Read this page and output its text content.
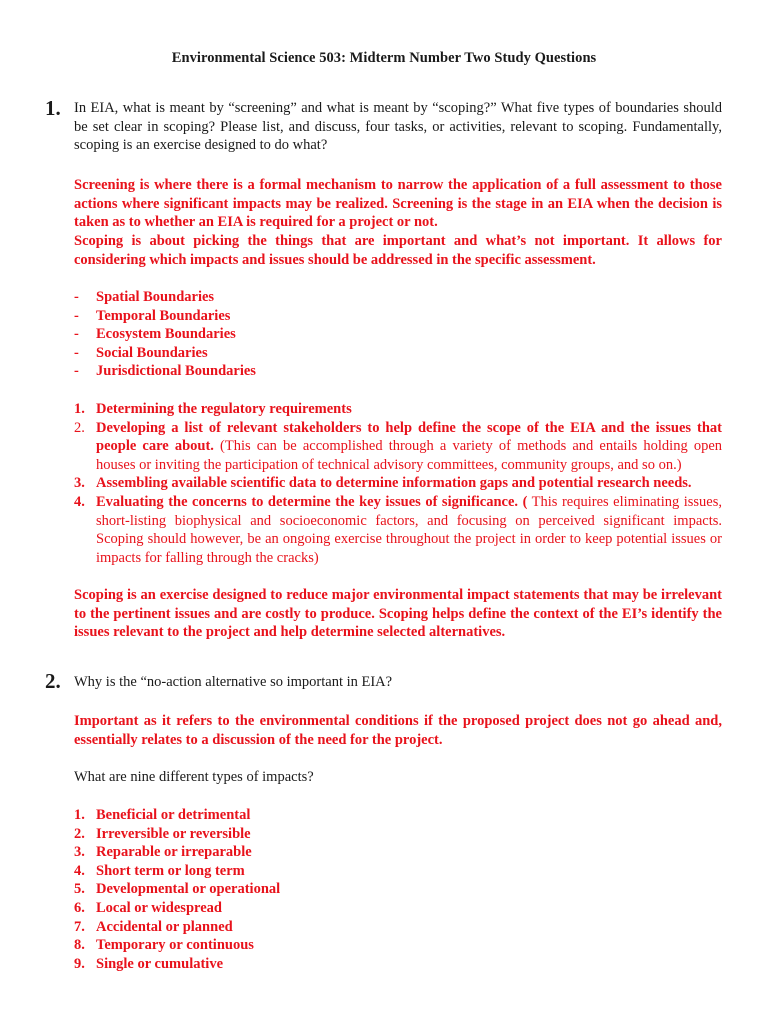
Environmental Science 503: Midterm Number Two Study Questions
1. In EIA, what is meant by “screening” and what is meant by “scoping?” What five types of boundaries should be set clear in scoping? Please list, and discuss, four tasks, or activities, relevant to scoping. Fundamentally, scoping is an exercise designed to do what?
Screening is where there is a formal mechanism to narrow the application of a full assessment to those actions where significant impacts may be realized. Screening is the stage in an EIA when the decision is taken as to whether an EIA is required for a project or not.
Scoping is about picking the things that are important and what’s not important. It allows for considering which impacts and issues should be addressed in the specific assessment.
-	Spatial Boundaries
-	Temporal Boundaries
-	Ecosystem Boundaries
-	Social Boundaries
-	Jurisdictional Boundaries
1. Determining the regulatory requirements
2. Developing a list of relevant stakeholders to help define the scope of the EIA and the issues that people care about. (This can be accomplished through a variety of methods and entails holding open houses or inviting the participation of technical advisory committees, community groups, and so on.)
3. Assembling available scientific data to determine information gaps and potential research needs.
4. Evaluating the concerns to determine the key issues of significance. ( This requires eliminating issues, short-listing biophysical and socioeconomic factors, and focusing on perceived significant impacts. Scoping should however, be an ongoing exercise throughout the project in order to keep potential issues or impacts for falling through the cracks)
Scoping is an exercise designed to reduce major environmental impact statements that may be irrelevant to the pertinent issues and are costly to produce. Scoping helps define the context of the EI’s identify the issues relevant to the project and help determine selected alternatives.
2. Why is the “no-action alternative so important in EIA?
Important as it refers to the environmental conditions if the proposed project does not go ahead and, essentially relates to a discussion of the need for the project.
What are nine different types of impacts?
1. Beneficial or detrimental
2. Irreversible or reversible
3. Reparable or irreparable
4. Short term or long term
5. Developmental or operational
6. Local or widespread
7. Accidental or planned
8. Temporary or continuous
9. Single or cumulative
